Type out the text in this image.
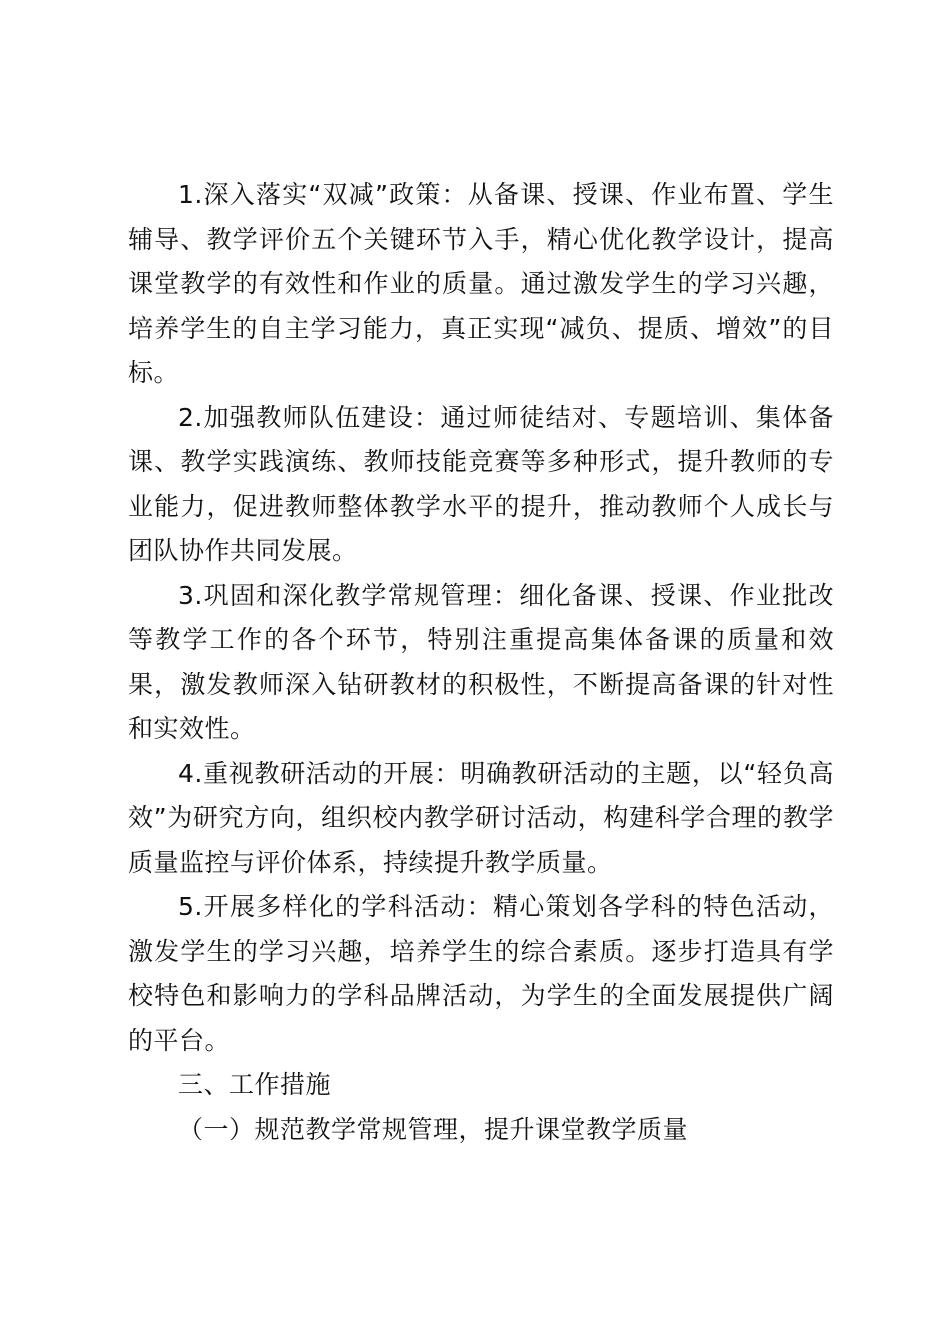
1.深入落实“双减”政策：从备课、授课、作业布置、学生辅导、教学评价五个关键环节入手，精心优化教学设计，提高课堂教学的有效性和作业的质量。通过激发学生的学习兴趣，培养学生的自主学习能力，真正实现“减负、提质、增效”的目标。

2.加强教师队伍建设：通过师徒结对、专题培训、集体备课、教学实践演练、教师技能竞赛等多种形式，提升教师的专业能力，促进教师整体教学水平的提升，推动教师个人成长与团队协作共同发展。

3.巩固和深化教学常规管理：细化备课、授课、作业批改等教学工作的各个环节，特别注重提高集体备课的质量和效果，激发教师深入钻研教材的积极性，不断提高备课的针对性和实效性。

4.重视教研活动的开展：明确教研活动的主题，以“轻负高效”为研究方向，组织校内教学研讨活动，构建科学合理的教学质量监控与评价体系，持续提升教学质量。

5.开展多样化的学科活动：精心策划各学科的特色活动，激发学生的学习兴趣，培养学生的综合素质。逐步打造具有学校特色和影响力的学科品牌活动，为学生的全面发展提供广阔的平台。

三、工作措施

（一）规范教学常规管理，提升课堂教学质量
